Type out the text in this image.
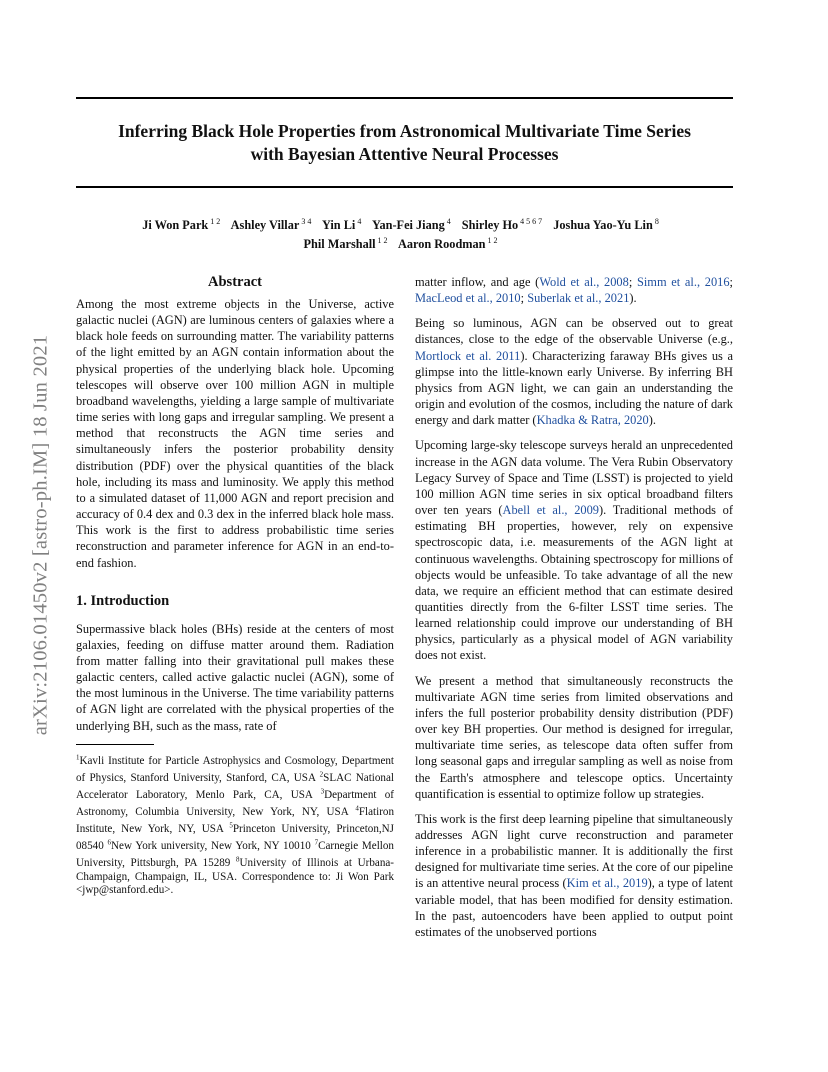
Inferring Black Hole Properties from Astronomical Multivariate Time Series
with Bayesian Attentive Neural Processes
Ji Won Park $^{1 2}$ Ashley Villar $^{3 4}$ Yin Li $^4$ Yan-Fei Jiang $^4$ Shirley Ho $^{4 5 6 7}$ Joshua Yao-Yu Lin $^8$
Phil Marshall $^{1 2}$ Aaron Roodman $^{1 2}$
arXiv:2106.01450v2 [astro-ph.IM] 18 Jun 2021
Abstract

Among the most extreme objects in the Universe, active galactic nuclei (AGN) are luminous centers of galaxies where a black hole feeds on surrounding matter. The variability patterns of the light emitted by an AGN contain information about the physical properties of the underlying black hole. Upcoming telescopes will observe over 100 million AGN in multiple broadband wavelengths, yielding a large sample of multivariate time series with long gaps and irregular sampling. We present a method that reconstructs the AGN time series and simultaneously infers the posterior probability density distribution (PDF) over the physical quantities of the black hole, including its mass and luminosity. We apply this method to a simulated dataset of 11,000 AGN and report precision and accuracy of 0.4 dex and 0.3 dex in the inferred black hole mass. This work is the first to address probabilistic time series reconstruction and parameter inference for AGN in an end-to-end fashion.

1. Introduction

Supermassive black holes (BHs) reside at the centers of most galaxies, feeding on diffuse matter around them. Radiation from matter falling into their gravitational pull makes these galactic centers, called active galactic nuclei (AGN), some of the most luminous in the Universe. The time variability patterns of AGN light are correlated with the physical properties of the underlying BH, such as the mass, rate of

$^1$Kavli Institute for Particle Astrophysics and Cosmology, Department of Physics, Stanford University, Stanford, CA, USA $^2$SLAC National Accelerator Laboratory, Menlo Park, CA, USA $^3$Department of Astronomy, Columbia University, New York, NY, USA $^4$Flatiron Institute, New York, NY, USA $^5$Princeton University, Princeton,NJ 08540 $^6$New York university, New York, NY 10010 $^7$Carnegie Mellon University, Pittsburgh, PA 15289 $^8$University of Illinois at Urbana-Champaign, Champaign, IL, USA. Correspondence to: Ji Won Park <jwp@stanford.edu>.

matter inflow, and age (Wold et al., 2008; Simm et al., 2016; MacLeod et al., 2010; Suberlak et al., 2021).

Being so luminous, AGN can be observed out to great distances, close to the edge of the observable Universe (e.g., Mortlock et al. 2011). Characterizing faraway BHs gives us a glimpse into the little-known early Universe. By inferring BH physics from AGN light, we can gain an understanding the origin and evolution of the cosmos, including the nature of dark energy and dark matter (Khadka & Ratra, 2020).

Upcoming large-sky telescope surveys herald an unprecedented increase in the AGN data volume. The Vera Rubin Observatory Legacy Survey of Space and Time (LSST) is projected to yield 100 million AGN time series in six optical broadband filters over ten years (Abell et al., 2009). Traditional methods of estimating BH properties, however, rely on expensive spectroscopic data, i.e. measurements of the AGN light at continuous wavelengths. Obtaining spectroscopy for millions of objects would be unfeasible. To take advantage of all the new data, we require an efficient method that can estimate desired quantities directly from the 6-filter LSST time series. The learned relationship could improve our understanding of BH physics, particularly as a physical model of AGN variability does not exist.

We present a method that simultaneously reconstructs the multivariate AGN time series from limited observations and infers the full posterior probability density distribution (PDF) over key BH properties. Our method is designed for irregular, multivariate time series, as telescope data often suffer from long seasonal gaps and irregular sampling as well as noise from the Earth's atmosphere and telescope optics. Uncertainty quantification is essential to optimize follow up strategies.

This work is the first deep learning pipeline that simultaneously addresses AGN light curve reconstruction and parameter inference in a probabilistic manner. It is additionally the first designed for multivariate time series. At the core of our pipeline is an attentive neural process (Kim et al., 2019), a type of latent variable model, that has been modified for density estimation. In the past, autoencoders have been applied to output point estimates of the unobserved portions
